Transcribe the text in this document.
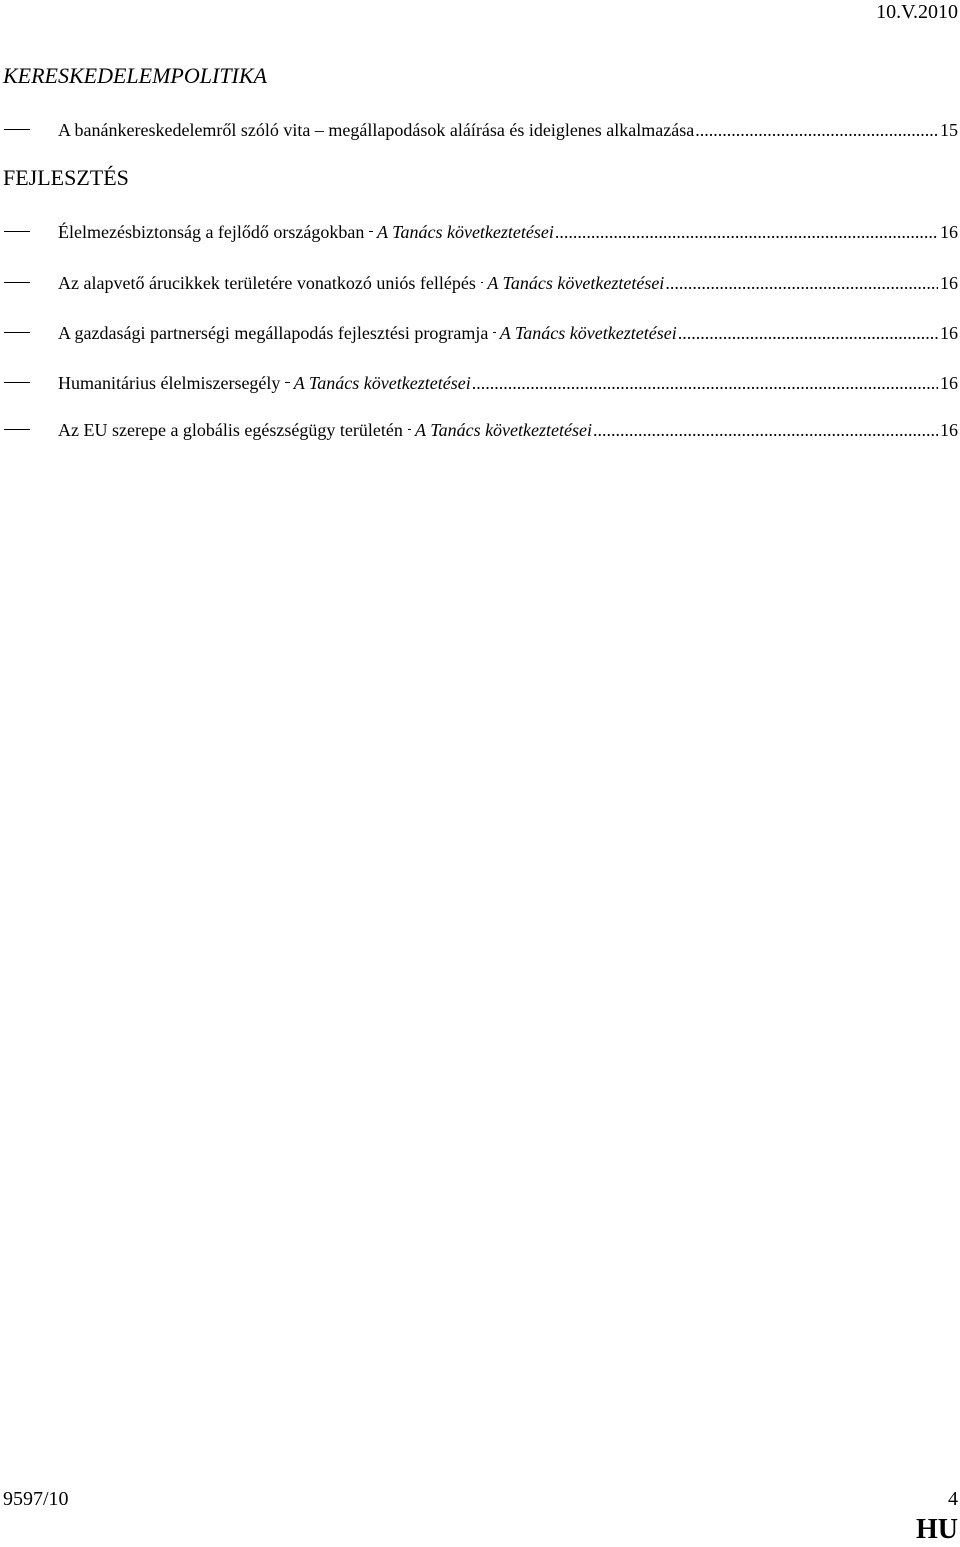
10.V.2010
KERESKEDELEMPOLITIKA
A banánkereskedelemről szóló vita – megállapodások aláírása és ideiglenes alkalmazása .....	15
FEJLESZTÉS
Élelmezésbiztonság a fejlődő országokban A Tanács következtetései .....	16
Az alapvető árucikkek területére vonatkozó uniós fellépés A Tanács következtetései .....	16
A gazdasági partnerségi megállapodás fejlesztési programja A Tanács következtetései .....	16
Humanitárius élelmiszersegély A Tanács következtetései .....	16
Az EU szerepe a globális egészségügy területén A Tanács következtetései .....	16
9597/10	4
HU
